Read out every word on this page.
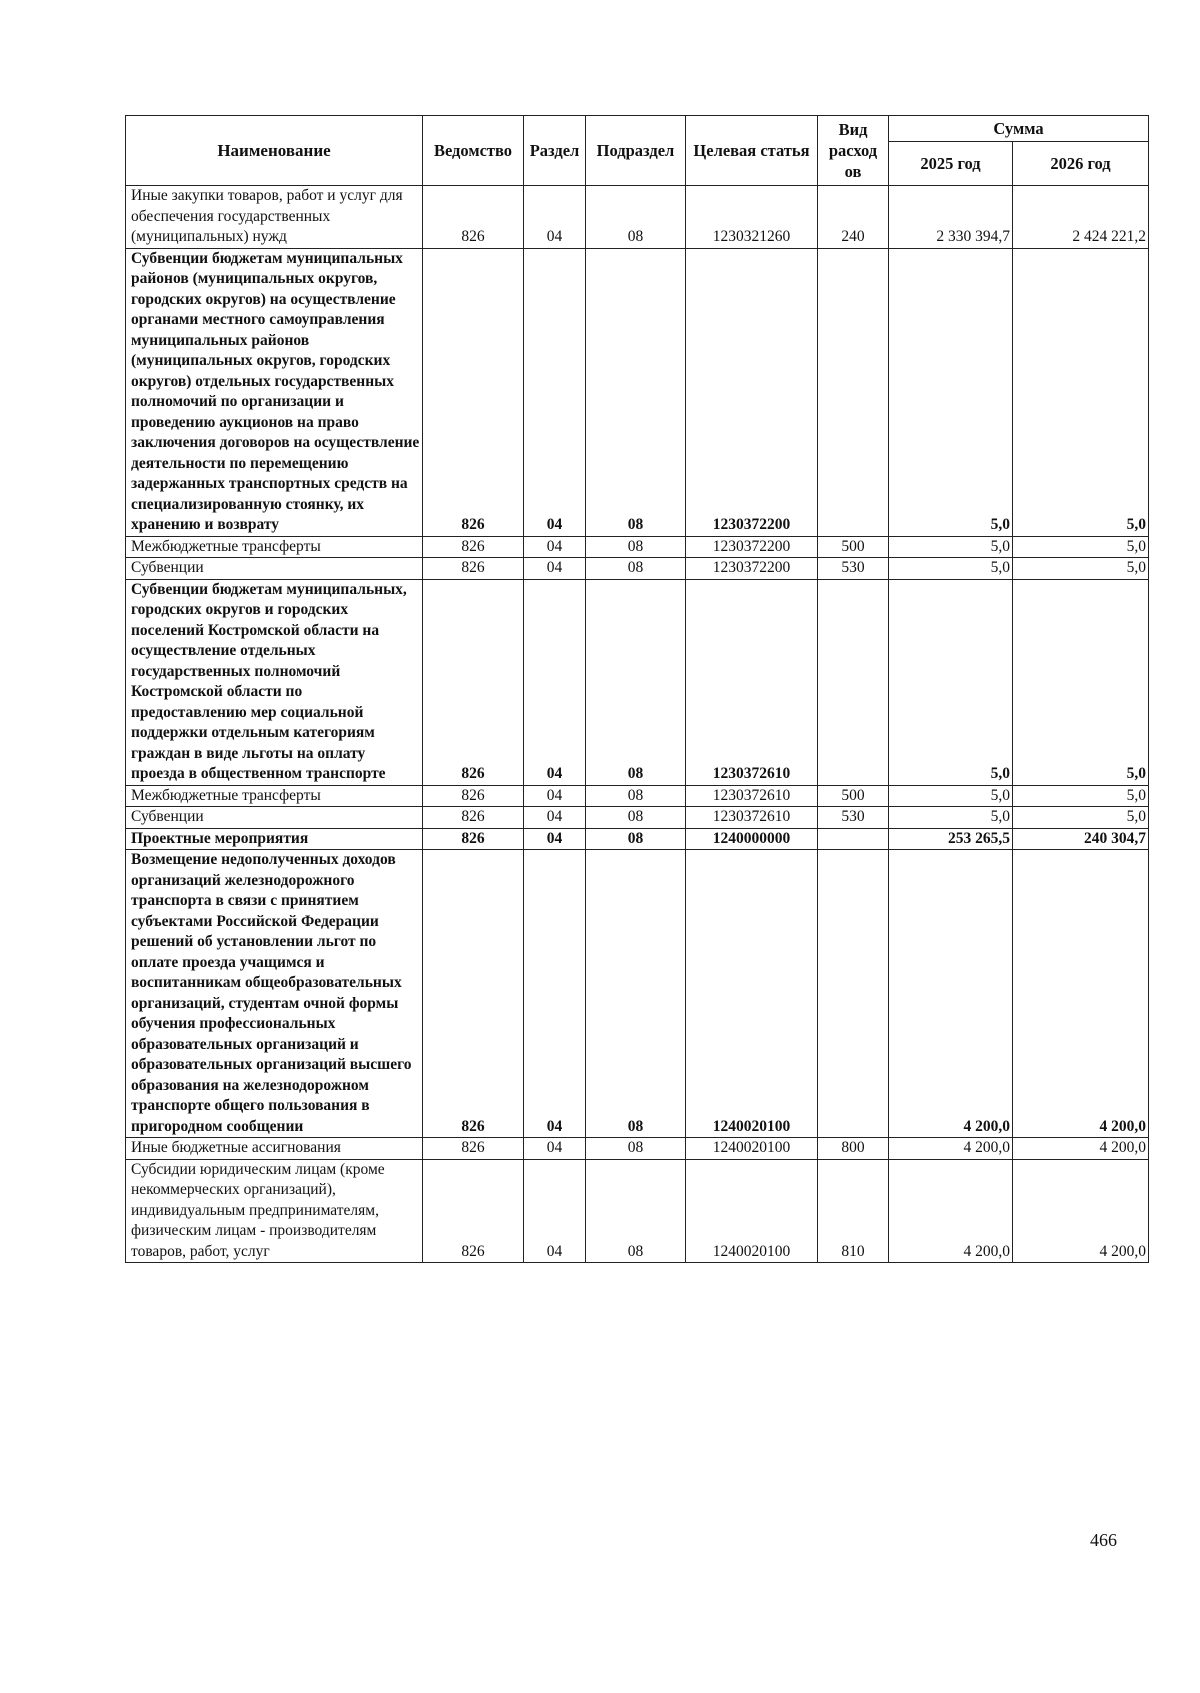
Наименование	Ведомство	Раздел	Подраздел	Целевая статья	Вид расход ов	Сумма	
						2025 год	2026 год
Иные закупки товаров, работ и услуг для обеспечения государственных (муниципальных) нужд	826	04	08	1230321260	240	2 330 394,7	2 424 221,2
Субвенции бюджетам муниципальных районов (муниципальных округов, городских округов) на осуществление органами местного самоуправления муниципальных районов (муниципальных округов, городских округов) отдельных государственных полномочий по организации и проведению аукционов на право заключения договоров на осуществление деятельности по перемещению задержанных транспортных средств на специализированную стоянку, их хранению и возврату	826	04	08	1230372200		5,0	5,0
Межбюджетные трансферты	826	04	08	1230372200	500	5,0	5,0
Субвенции	826	04	08	1230372200	530	5,0	5,0
Субвенции бюджетам муниципальных, городских округов и городских поселений Костромской области на осуществление отдельных государственных полномочий Костромской области по предоставлению мер социальной поддержки отдельным категориям граждан в виде льготы на оплату проезда в общественном транспорте	826	04	08	1230372610		5,0	5,0
Межбюджетные трансферты	826	04	08	1230372610	500	5,0	5,0
Субвенции	826	04	08	1230372610	530	5,0	5,0
Проектные мероприятия	826	04	08	1240000000		253 265,5	240 304,7
Возмещение недополученных доходов организаций железнодорожного транспорта в связи с принятием субъектами Российской Федерации решений об установлении льгот по оплате проезда учащимся и воспитанникам общеобразовательных организаций, студентам очной формы обучения профессиональных образовательных организаций и образовательных организаций высшего образования на железнодорожном транспорте общего пользования в пригородном сообщении	826	04	08	1240020100		4 200,0	4 200,0
Иные бюджетные ассигнования	826	04	08	1240020100	800	4 200,0	4 200,0
Субсидии юридическим лицам (кроме некоммерческих организаций), индивидуальным предпринимателям, физическим лицам - производителям товаров, работ, услуг	826	04	08	1240020100	810	4 200,0	4 200,0
466
